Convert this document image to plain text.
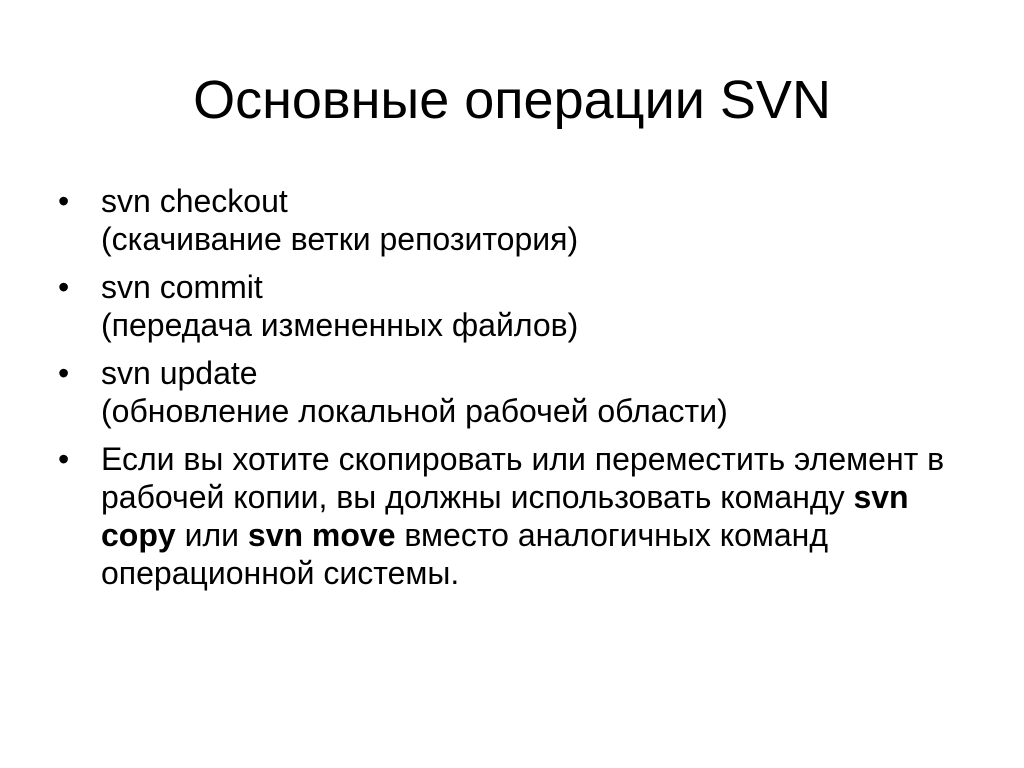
Основные операции SVN
• svn checkout
(скачивание ветки репозитория)
• svn commit
(передача измененных файлов)
• svn update
(обновление локальной рабочей области)
• Если вы хотите скопировать или переместить элемент в рабочей копии, вы должны использовать команду svn copy или svn move вместо аналогичных команд операционной системы.
